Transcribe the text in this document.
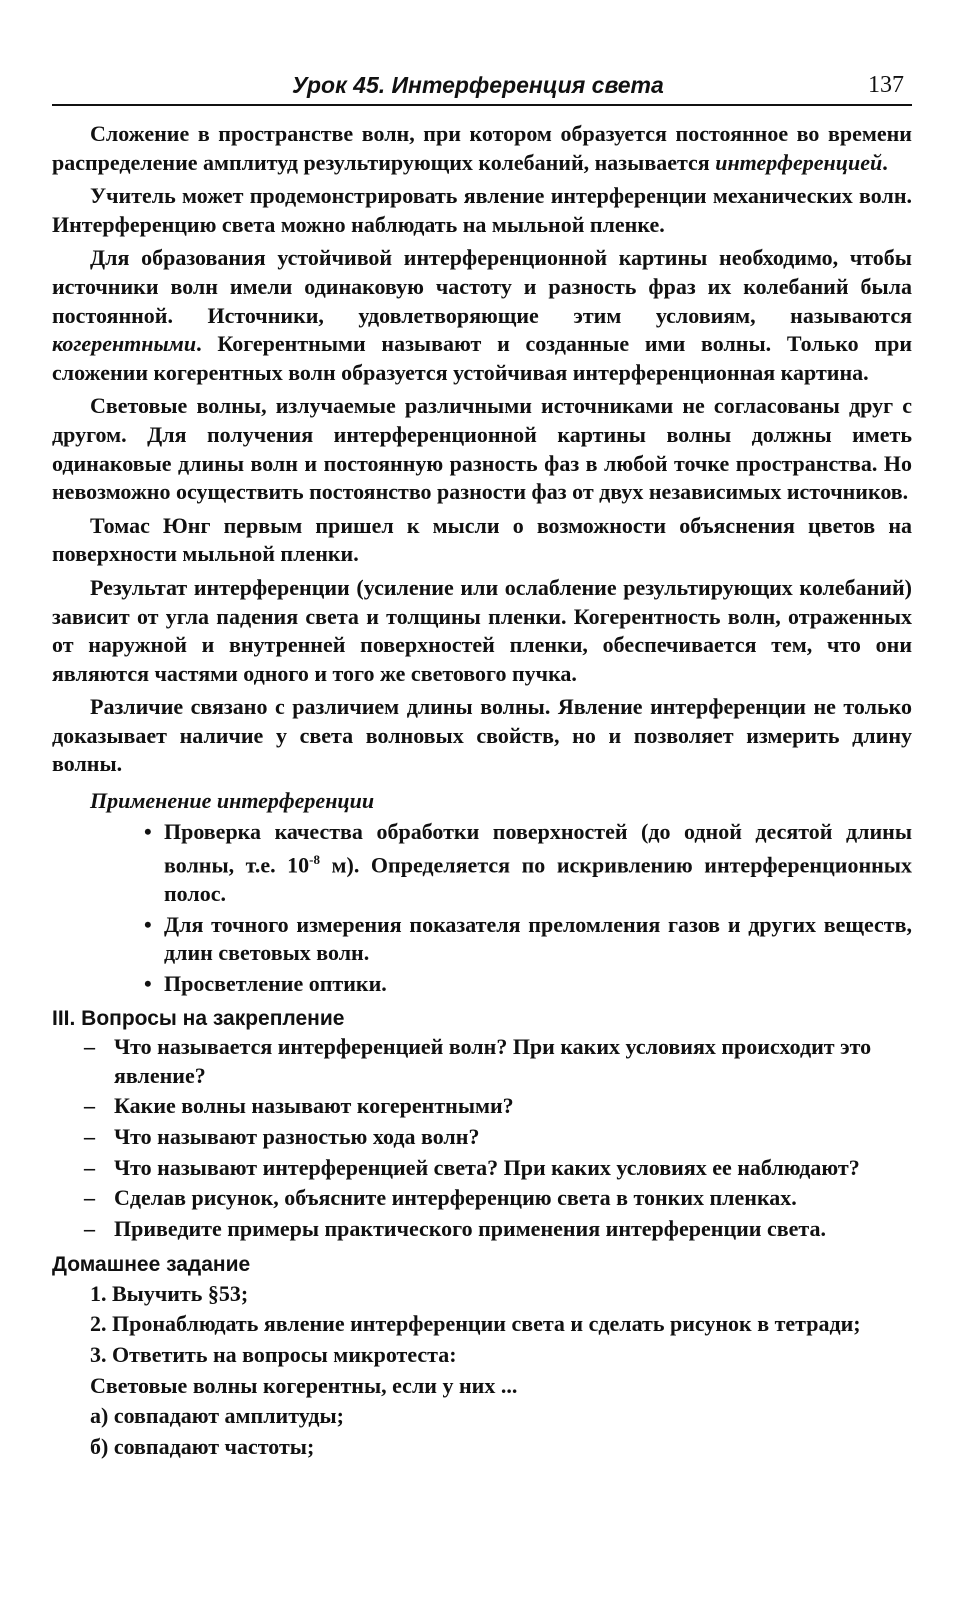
Урок 45. Интерференция света	137

Сложение в пространстве волн, при котором образуется постоянное во времени распределение амплитуд результирующих колебаний, называется интерференцией.

Учитель может продемонстрировать явление интерференции механических волн. Интерференцию света можно наблюдать на мыльной пленке.

Для образования устойчивой интерференционной картины необходимо, чтобы источники волн имели одинаковую частоту и разность фраз их колебаний была постоянной. Источники, удовлетворяющие этим условиям, называются когерентными. Когерентными называют и созданные ими волны. Только при сложении когерентных волн образуется устойчивая интерференционная картина.

Световые волны, излучаемые различными источниками не согласованы друг с другом. Для получения интерференционной картины волны должны иметь одинаковые длины волн и постоянную разность фаз в любой точке пространства. Но невозможно осуществить постоянство разности фаз от двух независимых источников.

Томас Юнг первым пришел к мысли о возможности объяснения цветов на поверхности мыльной пленки.

Результат интерференции (усиление или ослабление результирующих колебаний) зависит от угла падения света и толщины пленки. Когерентность волн, отраженных от наружной и внутренней поверхностей пленки, обеспечивается тем, что они являются частями одного и того же светового пучка.

Различие связано с различием длины волны. Явление интерференции не только доказывает наличие у света волновых свойств, но и позволяет измерить длину волны.

Применение интерференции
• Проверка качества обработки поверхностей (до одной десятой длины волны, т.е. $10^{-8}$ м). Определяется по искривлению интерференционных полос.
• Для точного измерения показателя преломления газов и других веществ, длин световых волн.
• Просветление оптики.
III. Вопросы на закрепление
– Что называется интерференцией волн? При каких условиях происходит это явление?
– Какие волны называют когерентными?
– Что называют разностью хода волн?
– Что называют интерференцией света? При каких условиях ее наблюдают?
– Сделав рисунок, объясните интерференцию света в тонких пленках.
– Приведите примеры практического применения интерференции света.
Домашнее задание
1. Выучить §53;
2. Пронаблюдать явление интерференции света и сделать рисунок в тетради;
3. Ответить на вопросы микротеста:
Световые волны когерентны, если у них ...
а) совпадают амплитуды;
б) совпадают частоты;
